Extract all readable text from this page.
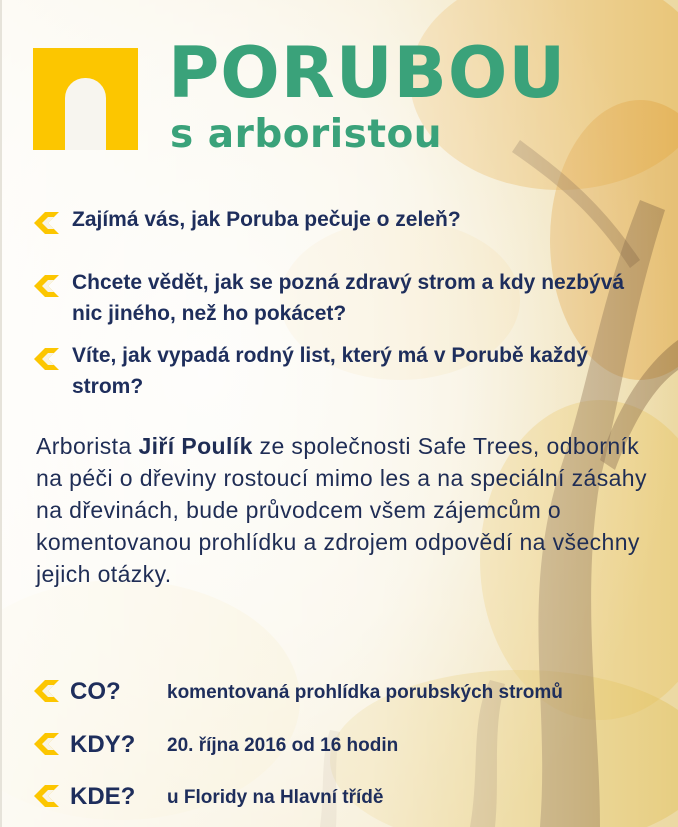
PORUBOU
s arboristou
Zajímá vás, jak Poruba pečuje o zeleň?
Chcete vědět, jak se pozná zdravý strom a kdy nezbývá nic jiného, než ho pokácet?
Víte, jak vypadá rodný list, který má v Porubě každý strom?
Arborista Jiří Poulík ze společnosti Safe Trees, odborník na péči o dřeviny rostoucí mimo les a na speciální zásahy na dřevinách, bude průvodcem všem zájemcům o komentovanou prohlídku a zdrojem odpovědí na všechny jejich otázky.
CO? komentovaná prohlídka porubských stromů
KDY? 20. října 2016 od 16 hodin
KDE? u Floridy na Hlavní třídě
